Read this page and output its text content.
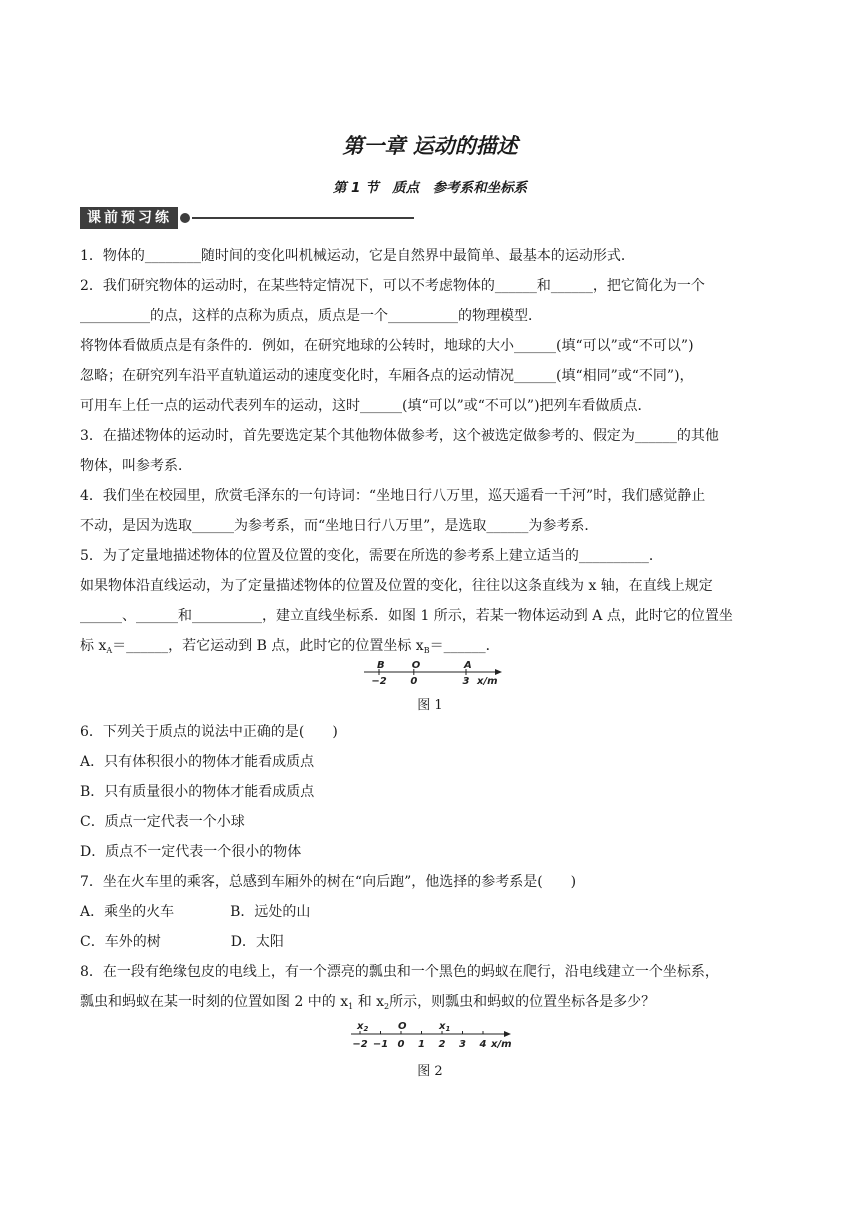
第一章 运动的描述
第 1 节　质点　参考系和坐标系
课前预习练
1．物体的________随时间的变化叫机械运动，它是自然界中最简单、最基本的运动形式．
2．我们研究物体的运动时，在某些特定情况下，可以不考虑物体的______和______，把它简化为一个
__________的点，这样的点称为质点，质点是一个__________的物理模型．
将物体看做质点是有条件的．例如，在研究地球的公转时，地球的大小______(填“可以”或“不可以”)
忽略；在研究列车沿平直轨道运动的速度变化时，车厢各点的运动情况______(填“相同”或“不同”)，
可用车上任一点的运动代表列车的运动，这时______(填“可以”或“不可以”)把列车看做质点．
3．在描述物体的运动时，首先要选定某个其他物体做参考，这个被选定做参考的、假定为______的其他
物体，叫参考系．
4．我们坐在校园里，欣赏毛泽东的一句诗词：“坐地日行八万里，巡天遥看一千河”时，我们感觉静止
不动，是因为选取______为参考系，而“坐地日行八万里”，是选取______为参考系．
5．为了定量地描述物体的位置及位置的变化，需要在所选的参考系上建立适当的__________．
如果物体沿直线运动，为了定量描述物体的位置及位置的变化，往往以这条直线为 x 轴，在直线上规定
______、______和__________，建立直线坐标系．如图 1 所示，若某一物体运动到 A 点，此时它的位置坐
标 $x_A=\_\_\_\_\_\_$，若它运动到 B 点，此时它的位置坐标 $x_B=\_\_\_\_\_\_$．
B
−2
O
0
A
3 x/m
图 1
6．下列关于质点的说法中正确的是(　　)
A．只有体积很小的物体才能看成质点
B．只有质量很小的物体才能看成质点
C．质点一定代表一个小球
D．质点不一定代表一个很小的物体
7．坐在火车里的乘客，总感到车厢外的树在“向后跑”，他选择的参考系是(　　)
A．乘坐的火车　　　　B．远处的山
C．车外的树　　　　　D．太阳
8．在一段有绝缘包皮的电线上，有一个漂亮的瓢虫和一个黑色的蚂蚁在爬行，沿电线建立一个坐标系，
瓢虫和蚂蚁在某一时刻的位置如图 2 中的 $x_1$ 和 $x_2$所示，则瓢虫和蚂蚁的位置坐标各是多少？
−2 −1 0 1 2 3 4
$x_2$	O	$x_1$
x/m
图 2
